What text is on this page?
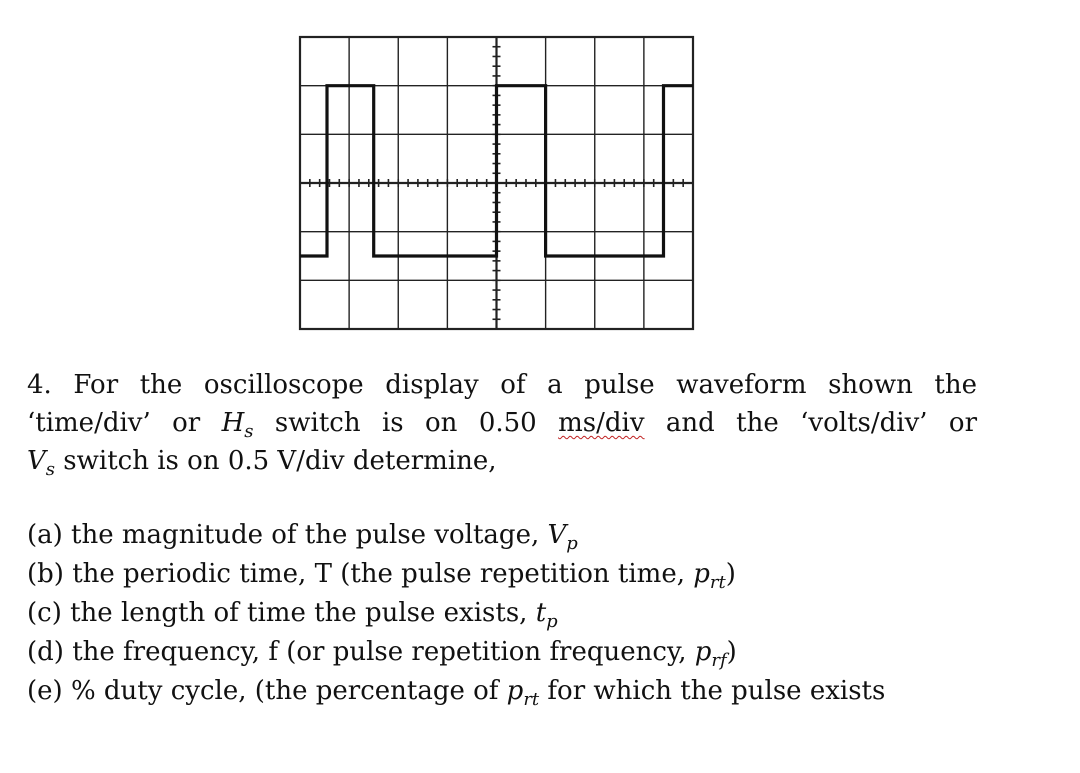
4. For the oscilloscope display of a pulse waveform shown the
‘time/div’ or $H_s$ switch is on 0.50 ms/div and the ‘volts/div’ or
$V_s$ switch is on 0.5 V/div determine,
(a) the magnitude of the pulse voltage, $V_p$
(b) the periodic time, T (the pulse repetition time, $p_{rt}$)
(c) the length of time the pulse exists, $t_p$
(d) the frequency, f (or pulse repetition frequency, $p_{rf}$)
(e) % duty cycle, (the percentage of $p_{rt}$ for which the pulse exists
